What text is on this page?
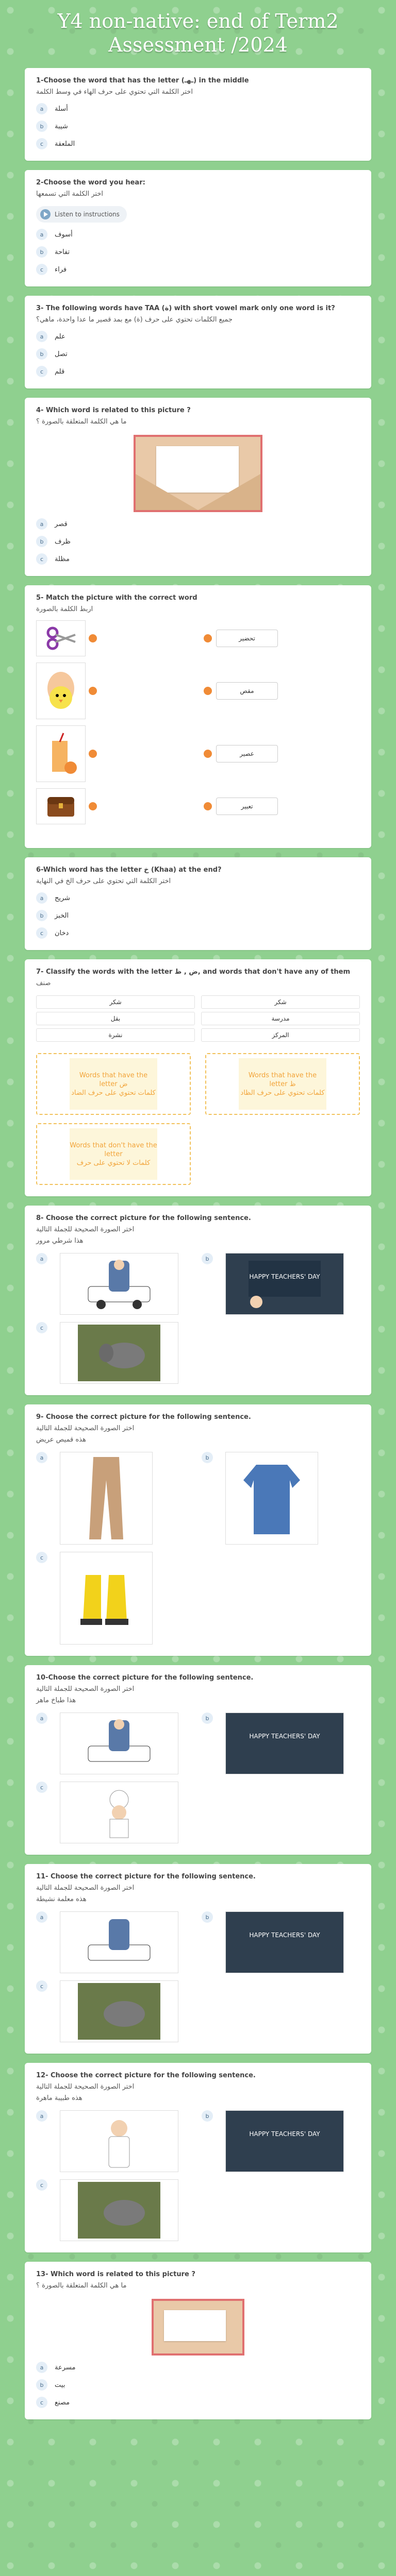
Y4 non-native: end of Term2 Assessment /2024
1-Choose the word that has the letter (ـهـ) in the middle
اختر الكلمة التي تحتوي على حرف الهاء في وسط الكلمة
a	أسلة
b	شيبة
c	الملعقة
2-Choose the word you hear:
اختر الكلمة التي تسمعها
Listen to instructions
a	أسوف
b	تفاحة
c	فراء
3- The following words have TAA (ة) with short vowel mark only one word is it?
جميع الكلمات تحتوي على حرف (ة) مع بمد قصير ما عدا واحدة، ماهي؟
a	علم
b	تصل
c	قلم
4- Which word is related to this picture ?
ما هي الكلمة المتعلقة بالصورة ؟
a	قصر
b	ظرف
c	مظلة
5- Match the picture with the correct word
اربط الكلمة بالصورة
تحضير
مقص
عصير
تعبير
6-Which word has the letter خ (Khaa) at the end?
اختر الكلمة التي تحتوي على حرف الخ في النهاية
a	شريح
b	الخبز
c	دخان
7- Classify the words with the letter ض , ظ, and words that don't have any of them
صنف
شكر	شكر
بقل	مدرسة
نشرة	المركز
Words that have the letter ض
كلمات تحتوي على حرف الضاد
Words that have the letter ظ
كلمات تحتوي على حرف الظاد
Words that don't have the letter
كلمات لا تحتوي على حرف
8- Choose the correct picture for the following sentence.
اختر الصورة الصحيحة للجملة التالية
هذا شرطي مرور
a	b
HAPPY TEACHERS' DAY
c
9- Choose the correct picture for the following sentence.
اختر الصورة الصحيحة للجملة التالية
هذه قميص عريض
a	b
c
10-Choose the correct picture for the following sentence.
اختر الصورة الصحيحة للجملة التالية
هذا طباخ ماهر
a	b
HAPPY TEACHERS' DAY
c
11- Choose the correct picture for the following sentence.
اختر الصورة الصحيحة للجملة التالية
هذه معلمة نشيطة
a	b
HAPPY TEACHERS' DAY
c
12- Choose the correct picture for the following sentence.
اختر الصورة الصحيحة للجملة التالية
هذه طبيبة ماهرة
a	b
HAPPY TEACHERS' DAY
c
13- Which word is related to this picture ?
ما هي الكلمة المتعلقة بالصورة ؟
a	مسرعة
b	بيت
c	مصنع
